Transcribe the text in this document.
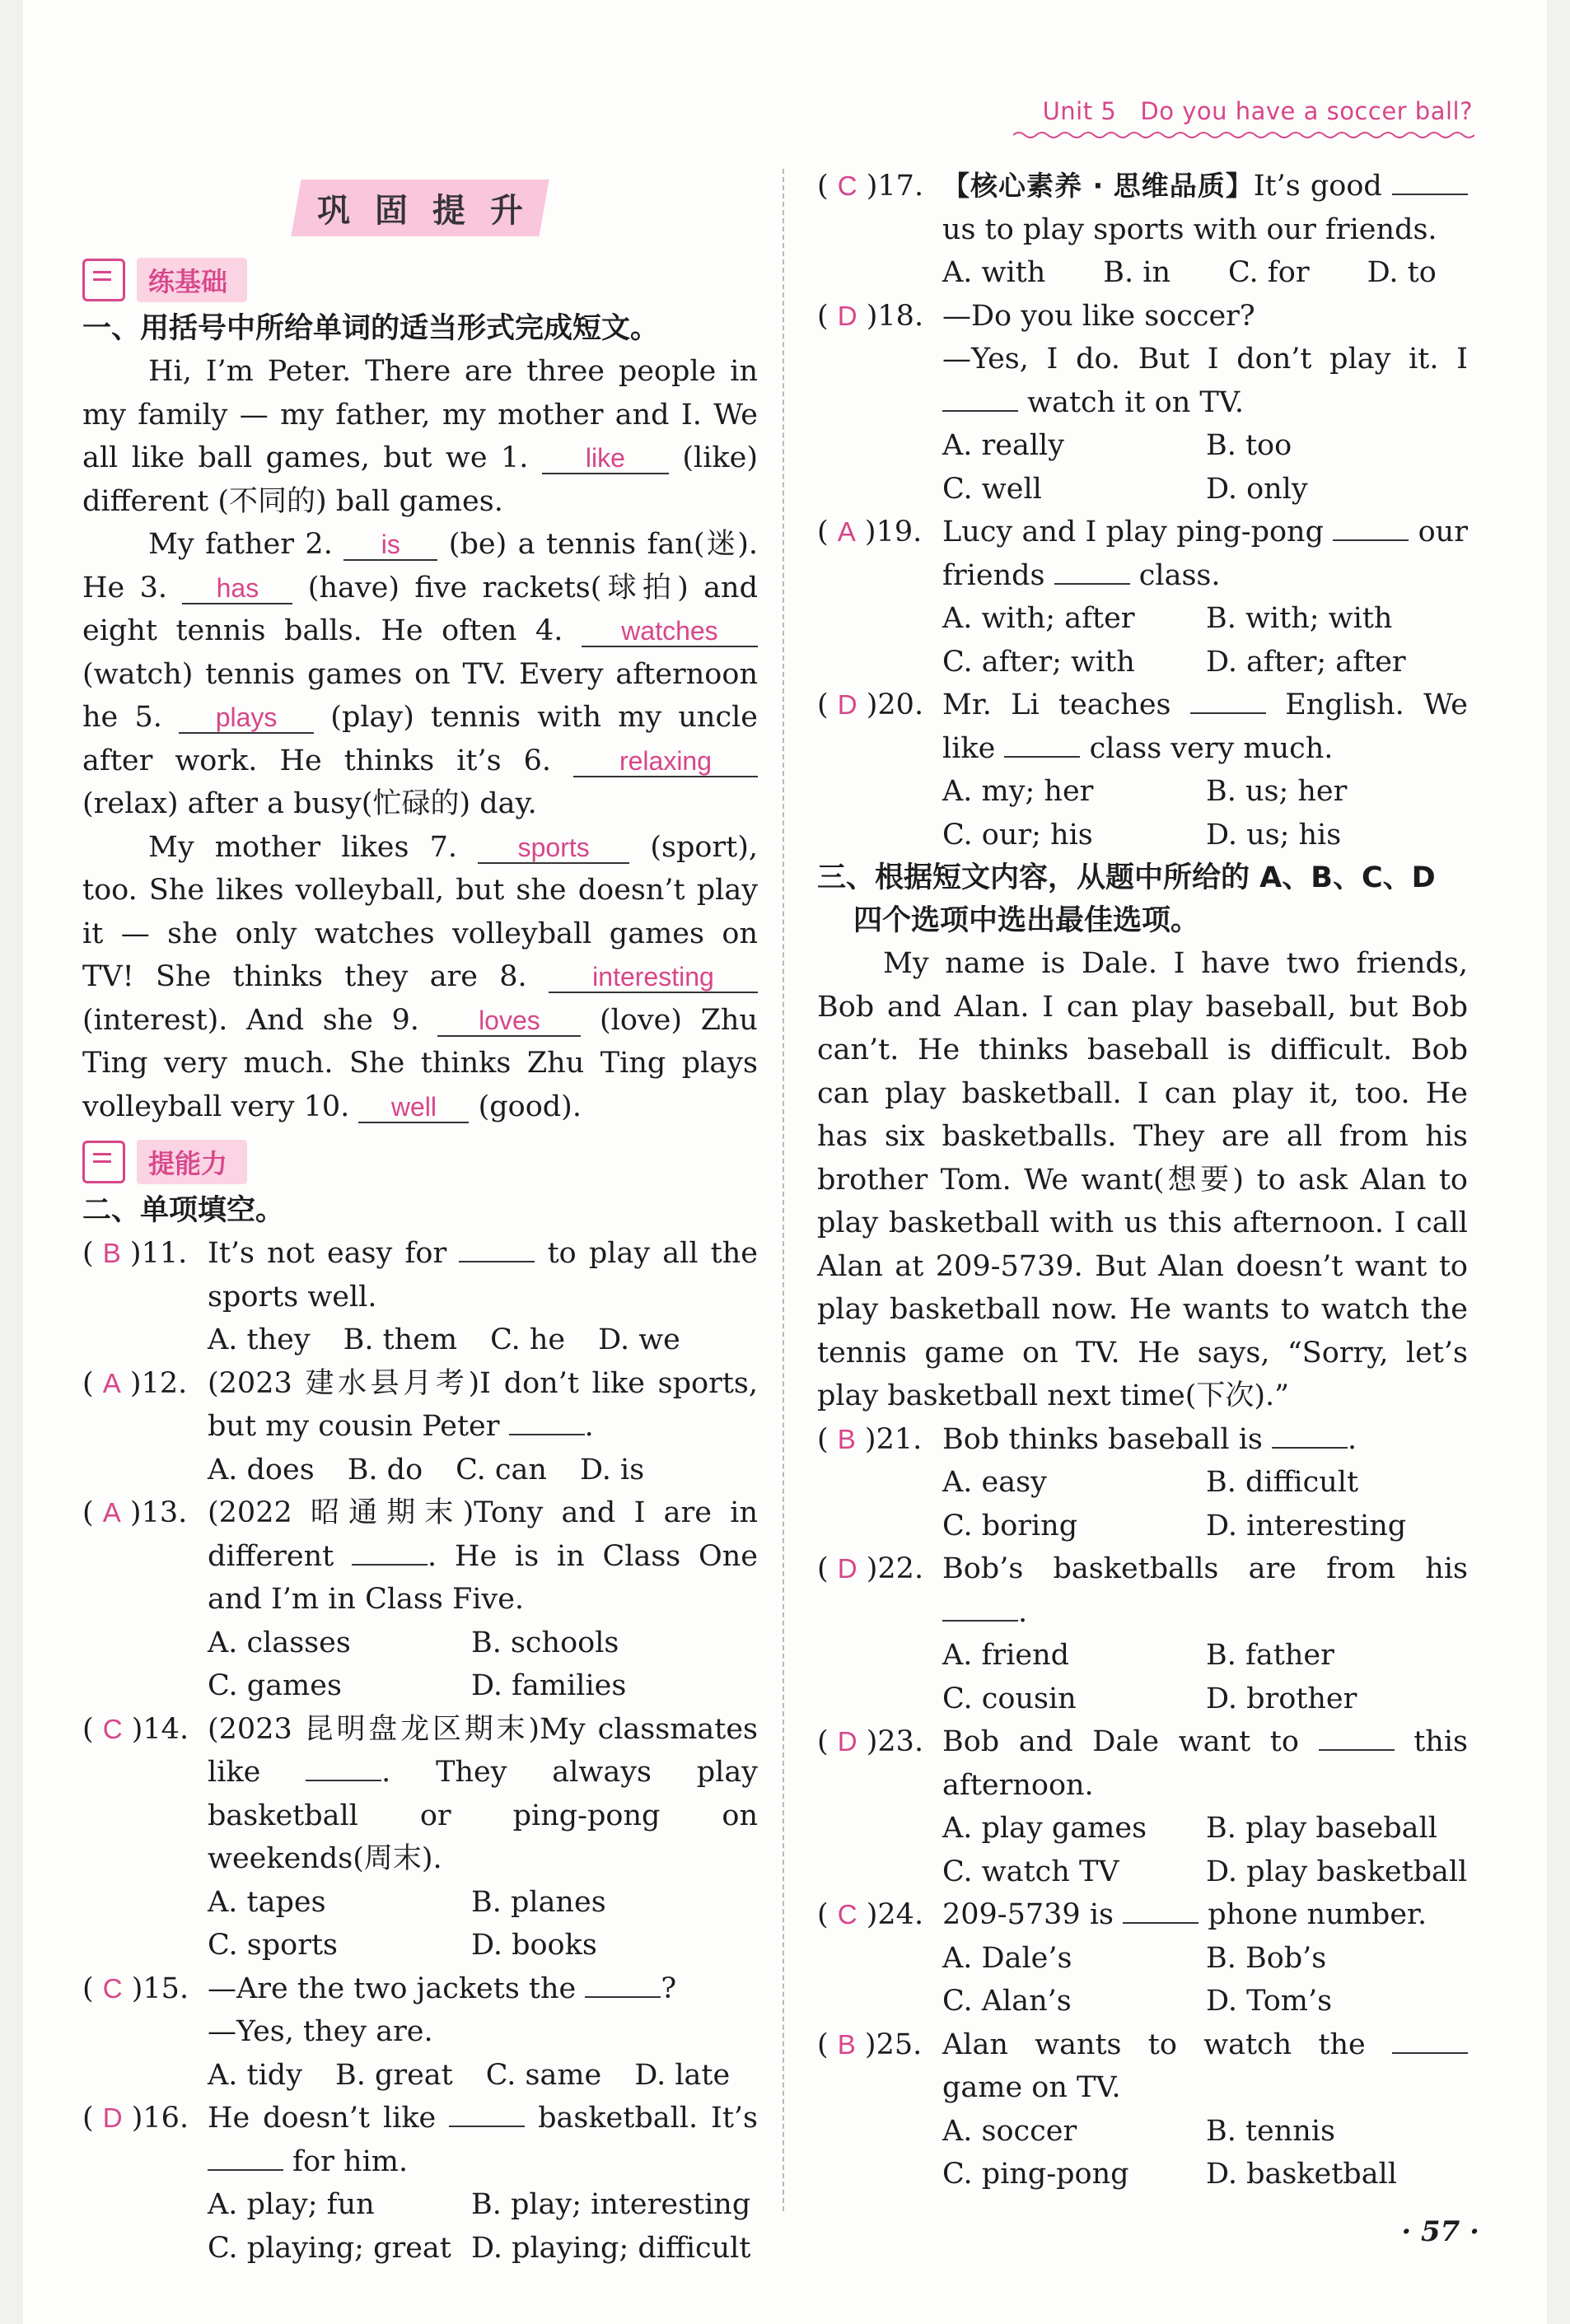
Unit 5 Do you have a soccer ball?
巩固提升
练基础

一、用括号中所给单词的适当形式完成短文。

Hi, I’m Peter. There are three people in my family — my father, my mother and I. We all like ball games, but we 1. like (like) different (不同的) ball games.

My father 2. is (be) a tennis fan(迷). He 3. has (have) five rackets(球拍) and eight tennis balls. He often 4. watches (watch) tennis games on TV. Every afternoon he 5. plays (play) tennis with my uncle after work. He thinks it’s 6.	relaxing (relax) after a busy(忙碌的) day.

My mother likes 7. sports (sport), too. She likes volleyball, but she doesn’t play it — she only watches volleyball games on TV! She thinks they are 8. interesting (interest). And she 9. loves (love) Zhu Ting very much. She thinks Zhu Ting plays volleyball very 10. well (good).

提能力

二、单项填空。

( B )11. It’s not easy for	to play all the sports well.
A. they B. them C. he D. we
( A )12. (2023 建水县月考)I don’t like sports, but my cousin Peter	.
A. does B. do C. can D. is
( A )13. (2022 昭通期末)Tony and I are in different	. He is in Class One and I’m in Class Five.
A. classes	B. schools
C. games	D. families
( C )14. (2023 昆明盘龙区期末)My classmates like	. They always play basketball or ping-pong on weekends(周末).
A. tapes	B. planes
C. sports	D. books
( C )15. —Are the two jackets the	?
—Yes, they are.
A. tidy B. great C. same D. late
( D )16. He doesn’t like	basketball. It’s  for him.
A. play; fun	B. play; interesting
C. playing; great D. playing; difficult
( C )17. 【核心素养 · 思维品质】It’s good  us to play sports with our friends.
A. with B. in C. for D. to
( D )18. —Do you like soccer?
—Yes, I do. But I don’t play it. I  watch it on TV.
A. really	B. too
C. well	D. only
( A )19. Lucy and I play ping-pong	our friends	class.
A. with; after	B. with; with
C. after; with	D. after; after
( D )20. Mr. Li teaches	English. We like	class very much.
A. my; her	B. us; her
C. our; his	D. us; his

三、根据短文内容，从题中所给的 A、B、C、D 四个选项中选出最佳选项。

My name is Dale. I have two friends, Bob and Alan. I can play baseball, but Bob can’t. He thinks baseball is difficult. Bob can play basketball. I can play it, too. He has six basketballs. They are all from his brother Tom. We want(想要) to ask Alan to play basketball with us this afternoon. I call Alan at 209-5739. But Alan doesn’t want to play basketball now. He wants to watch the tennis game on TV. He says, “Sorry, let’s play basketball next time(下次).”

( B )21. Bob thinks baseball is	.
A. easy	B. difficult
C. boring	D. interesting
( D )22. Bob’s basketballs are from his .
A. friend	B. father
C. cousin	D. brother
( D )23. Bob and Dale want to	this afternoon.
A. play games	B. play baseball
C. watch TV	D. play basketball
( C )24. 209-5739 is	phone number.
A. Dale’s	B. Bob’s
C. Alan’s	D. Tom’s
( B )25. Alan wants to watch the  game on TV.
A. soccer	B. tennis
C. ping-pong	D. basketball
· 57 ·
